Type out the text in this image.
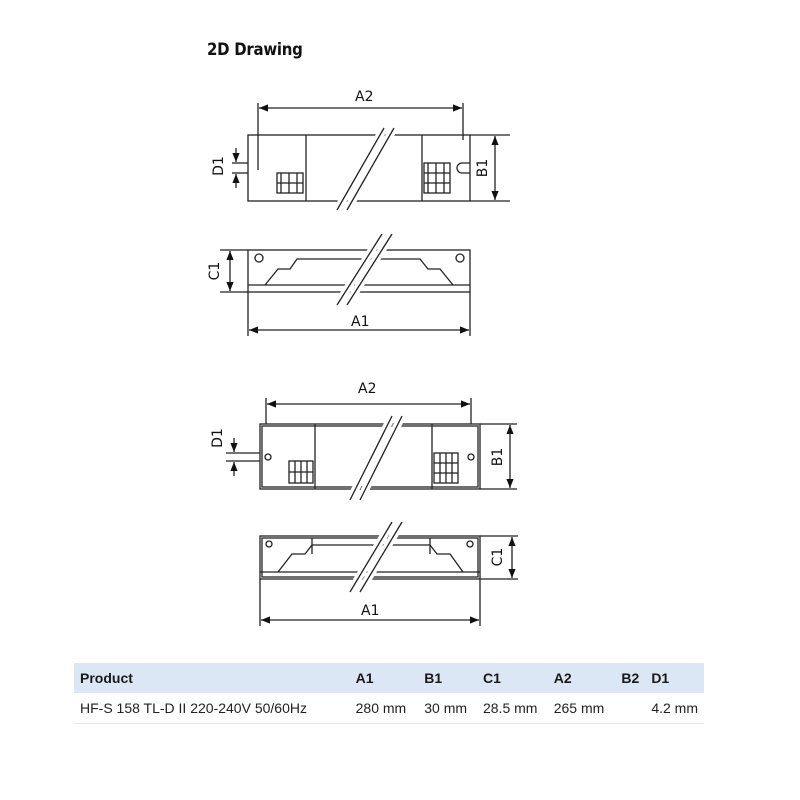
2D Drawing
A2
B1
D1
C1
A1
A2
B1
D1
C1
A1
Product	A1	B1	C1	A2	B2	D1
HF-S 158 TL-D II 220-240V 50/60Hz	280 mm	30 mm	28.5 mm	265 mm		4.2 mm
